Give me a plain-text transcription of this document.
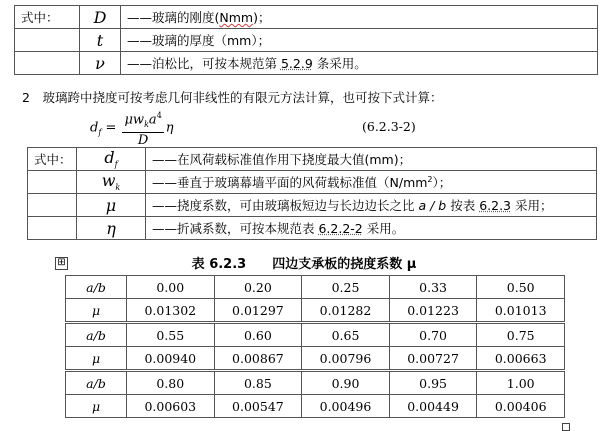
式中：	D	——玻璃的刚度(Nmm)；
	t	——玻璃的厚度（mm）；
	ν	——泊松比，可按本规范第 5.2.9 条采用。
2　玻璃跨中挠度可按考虑几何非线性的有限元方法计算，也可按下式计算：
$d_f = \frac{\mu w_ka^4}{D}$ η	(6.2.3-2)
式中：	$d_f$	——在风荷载标准值作用下挠度最大值(mm)；
	$w_k$	——垂直于玻璃幕墙平面的风荷载标准值$(N/mm^2)$；
	μ	——挠度系数，可由玻璃板短边与长边边长之比 a / b 按表 6.2.3 采用；
	η	——折减系数，可按本规范表 6.2.2-2 采用。
⊞	表 6.2.3　　四边支承板的挠度系数 μ
a/b	0.00	0.20	0.25	0.33	0.50
μ	0.01302	0.01297	0.01282	0.01223	0.01013
a/b	0.55	0.60	0.65	0.70	0.75
μ	0.00940	0.00867	0.00796	0.00727	0.00663
a/b	0.80	0.85	0.90	0.95	1.00
μ	0.00603	0.00547	0.00496	0.00449	0.00406
